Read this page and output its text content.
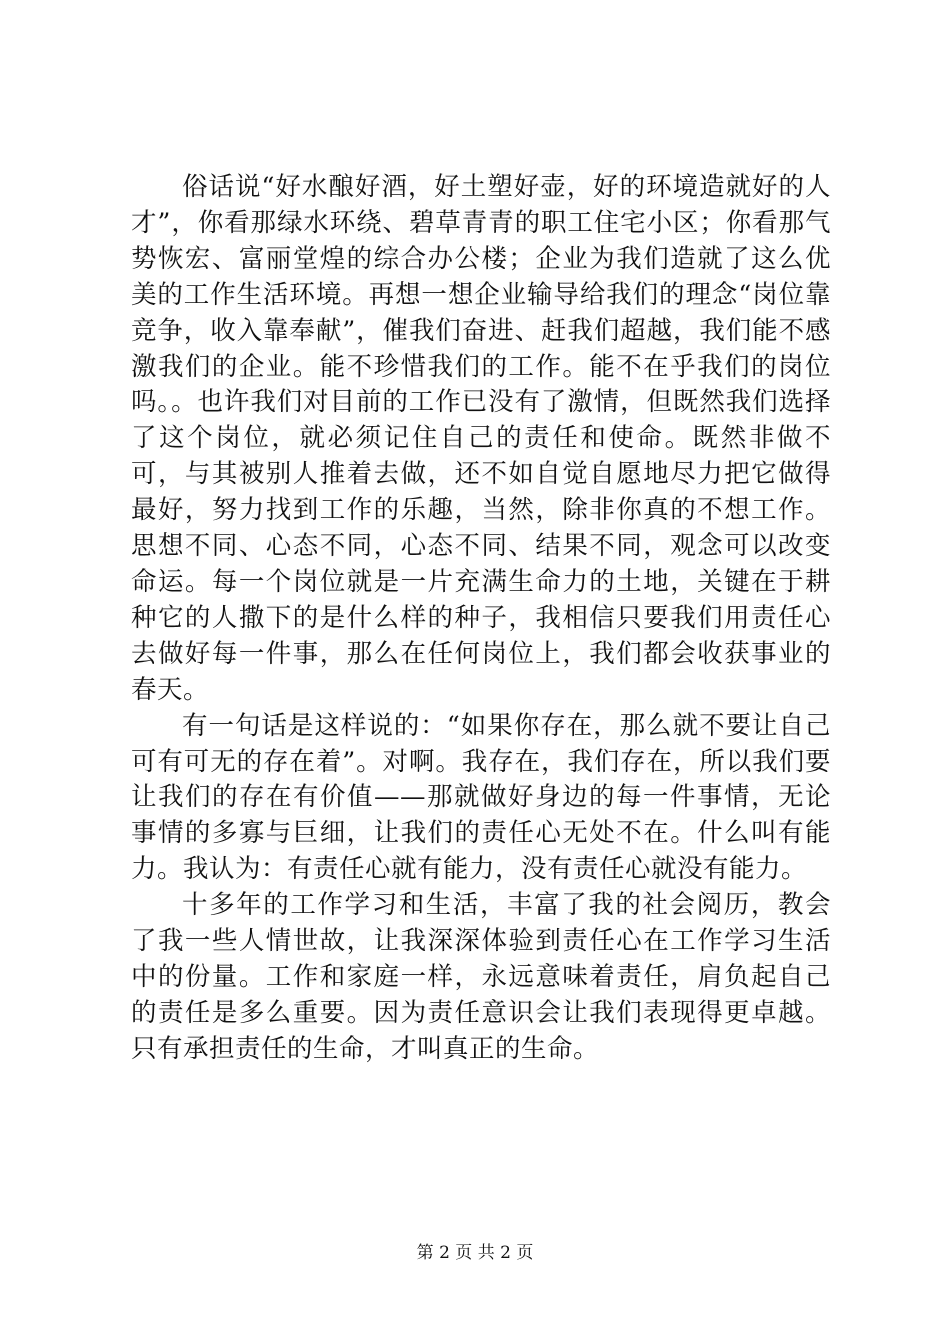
俗话说“好水酿好酒，好土塑好壶，好的环境造就好的人才”，你看那绿水环绕、碧草青青的职工住宅小区；你看那气势恢宏、富丽堂煌的综合办公楼；企业为我们造就了这么优美的工作生活环境。再想一想企业输导给我们的理念“岗位靠竞争，收入靠奉献”，催我们奋进、赶我们超越，我们能不感激我们的企业。能不珍惜我们的工作。能不在乎我们的岗位吗。。也许我们对目前的工作已没有了激情，但既然我们选择了这个岗位，就必须记住自己的责任和使命。既然非做不可，与其被别人推着去做，还不如自觉自愿地尽力把它做得最好，努力找到工作的乐趣，当然，除非你真的不想工作。思想不同、心态不同，心态不同、结果不同，观念可以改变命运。每一个岗位就是一片充满生命力的土地，关键在于耕种它的人撒下的是什么样的种子，我相信只要我们用责任心去做好每一件事，那么在任何岗位上，我们都会收获事业的春天。

有一句话是这样说的：“如果你存在，那么就不要让自己可有可无的存在着”。对啊。我存在，我们存在，所以我们要让我们的存在有价值——那就做好身边的每一件事情，无论事情的多寡与巨细，让我们的责任心无处不在。什么叫有能力。我认为：有责任心就有能力，没有责任心就没有能力。

十多年的工作学习和生活，丰富了我的社会阅历，教会了我一些人情世故，让我深深体验到责任心在工作学习生活中的份量。工作和家庭一样，永远意味着责任，肩负起自己的责任是多么重要。因为责任意识会让我们表现得更卓越。只有承担责任的生命，才叫真正的生命。

第 2 页 共 2 页
